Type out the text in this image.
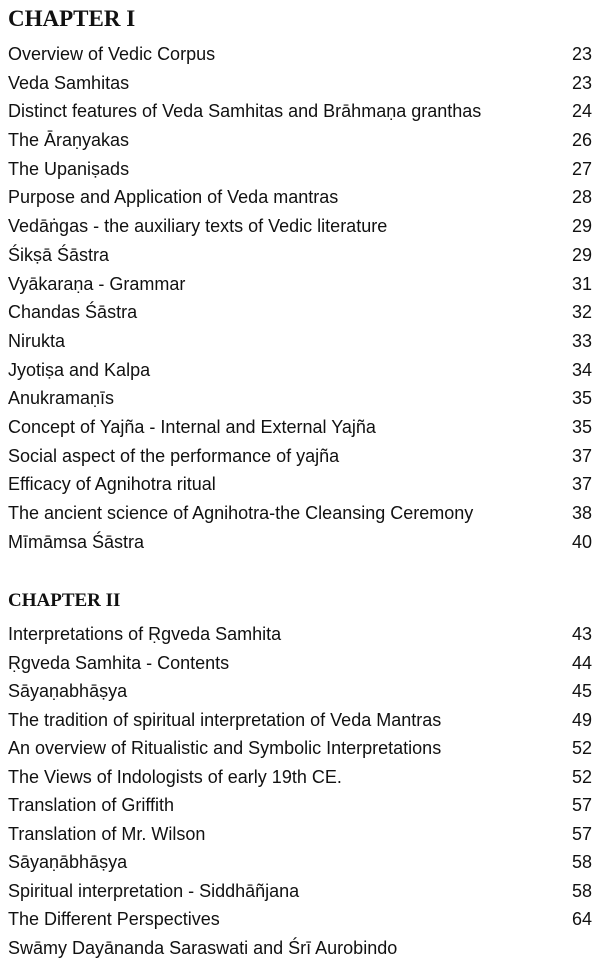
CHAPTER I
Overview of Vedic Corpus	23
Veda Samhitas	23
Distinct features of Veda Samhitas and Brāhmaṇa granthas	24
The Āraṇyakas	26
The Upaniṣads	27
Purpose and Application of Veda mantras	28
Vedāṅgas - the auxiliary texts of Vedic literature	29
Śikṣā Śāstra	29
Vyākaraṇa - Grammar	31
Chandas Śāstra	32
Nirukta	33
Jyotiṣa and Kalpa	34
Anukramaṇīs	35
Concept of Yajña - Internal and External Yajña	35
Social aspect of the performance of yajña	37
Efficacy of Agnihotra ritual	37
The ancient science of Agnihotra-the Cleansing Ceremony	38
Mīmāmsa Śāstra	40
CHAPTER II
Interpretations of Ṛgveda Samhita	43
Ṛgveda Samhita - Contents	44
Sāyaṇabhāṣya	45
The tradition of spiritual interpretation of Veda Mantras	49
An overview of Ritualistic and Symbolic Interpretations	52
The Views of Indologists of early 19th CE.	52
Translation of Griffith	57
Translation of Mr. Wilson	57
Sāyaṇābhāṣya	58
Spiritual interpretation - Siddhāñjana	58
The Different Perspectives	64
Swāmy Dayānanda Saraswati and Śrī Aurobindo
